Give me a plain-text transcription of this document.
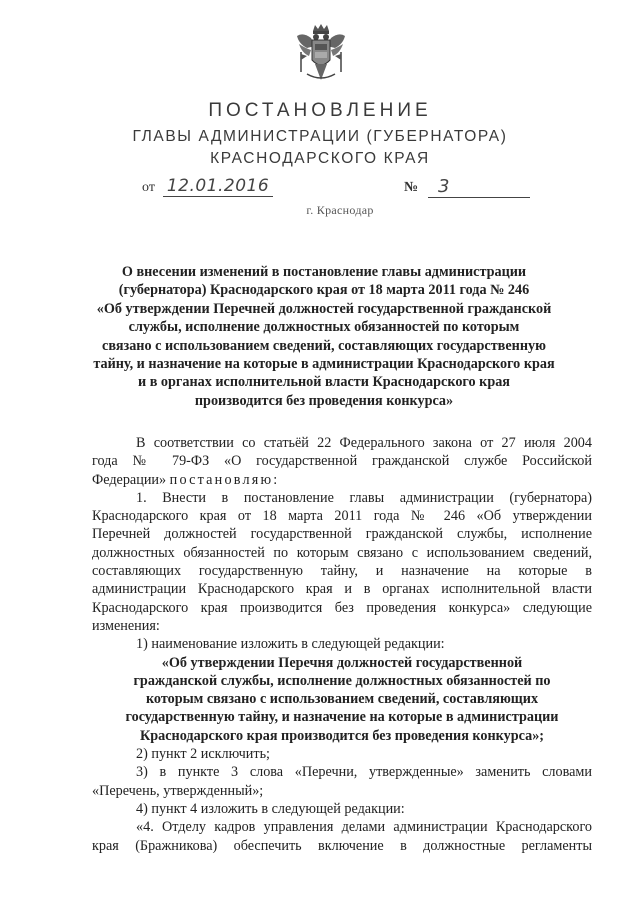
ПОСТАНОВЛЕНИЕ
ГЛАВЫ АДМИНИСТРАЦИИ (ГУБЕРНАТОРА)
КРАСНОДАРСКОГО КРАЯ
от 12.01.2016	№	3
г. Краснодар
О внесении изменений в постановление главы администрации
(губернатора) Краснодарского края от 18 марта 2011 года № 246
«Об утверждении Перечней должностей государственной гражданской
службы, исполнение должностных обязанностей по которым
связано с использованием сведений, составляющих государственную
тайну, и назначение на которые в администрации Краснодарского края
и в органах исполнительной власти Краснодарского края
производится без проведения конкурса»
В соответствии со статьёй 22 Федерального закона от 27 июля 2004
года № 79-ФЗ «О государственной гражданской службе Российской
Федерации» постановляю:
1. Внести в постановление главы администрации (губернатора)
Краснодарского края от 18 марта 2011 года № 246 «Об утверждении
Перечней должностей государственной гражданской службы, исполнение
должностных обязанностей по которым связано с использованием сведений,
составляющих государственную тайну, и назначение на которые в
администрации Краснодарского края и в органах исполнительной власти
Краснодарского края производится без проведения конкурса» следующие
изменения:
1) наименование изложить в следующей редакции:
«Об утверждении Перечня должностей государственной
гражданской службы, исполнение должностных обязанностей по
которым связано с использованием сведений, составляющих
государственную тайну, и назначение на которые в администрации
Краснодарского края производится без проведения конкурса»;
2) пункт 2 исключить;
3) в пункте 3 слова «Перечни, утвержденные» заменить словами
«Перечень, утвержденный»;
4) пункт 4 изложить в следующей редакции:
«4. Отделу кадров управления делами администрации Краснодарского
края (Бражникова) обеспечить включение в должностные регламенты
